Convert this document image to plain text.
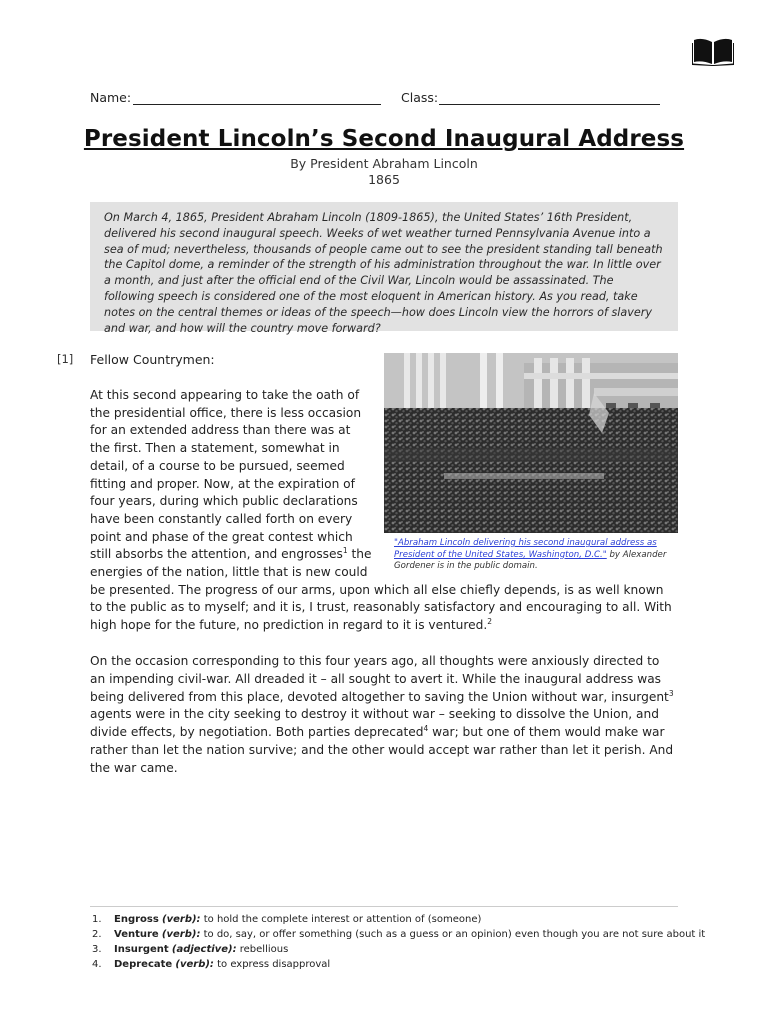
Name:	Class:
President Lincoln’s Second Inaugural Address
By President Abraham Lincoln
1865
On March 4, 1865, President Abraham Lincoln (1809-1865), the United States’ 16th President, delivered his second inaugural speech. Weeks of wet weather turned Pennsylvania Avenue into a sea of mud; nevertheless, thousands of people came out to see the president standing tall beneath the Capitol dome, a reminder of the strength of his administration throughout the war. In little over a month, and just after the official end of the Civil War, Lincoln would be assassinated. The following speech is considered one of the most eloquent in American history. As you read, take notes on the central themes or ideas of the speech—how does Lincoln view the horrors of slavery and war, and how will the country move forward?
[1] Fellow Countrymen:
"Abraham Lincoln delivering his second inaugural address as President of the United States, Washington, D.C." by Alexander Gordener is in the public domain.
At this second appearing to take the oath of the presidential office, there is less occasion for an extended address than there was at the first. Then a statement, somewhat in detail, of a course to be pursued, seemed fitting and proper. Now, at the expiration of four years, during which public declarations have been constantly called forth on every point and phase of the great contest which still absorbs the attention, and engrosses$^1$ the energies of the nation, little that is new could be presented. The progress of our arms, upon which all else chiefly depends, is as well known to the public as to myself; and it is, I trust, reasonably satisfactory and encouraging to all. With high hope for the future, no prediction in regard to it is ventured.$^2$
On the occasion corresponding to this four years ago, all thoughts were anxiously directed to an impending civil-war. All dreaded it – all sought to avert it. While the inaugural address was being delivered from this place, devoted altogether to saving the Union without war, insurgent$^3$ agents were in the city seeking to destroy it without war – seeking to dissolve the Union, and divide effects, by negotiation. Both parties deprecated$^4$ war; but one of them would make war rather than let the nation survive; and the other would accept war rather than let it perish. And the war came.
1. Engross (verb): to hold the complete interest or attention of (someone)
2. Venture (verb): to do, say, or offer something (such as a guess or an opinion) even though you are not sure about it
3. Insurgent (adjective): rebellious
4. Deprecate (verb): to express disapproval
